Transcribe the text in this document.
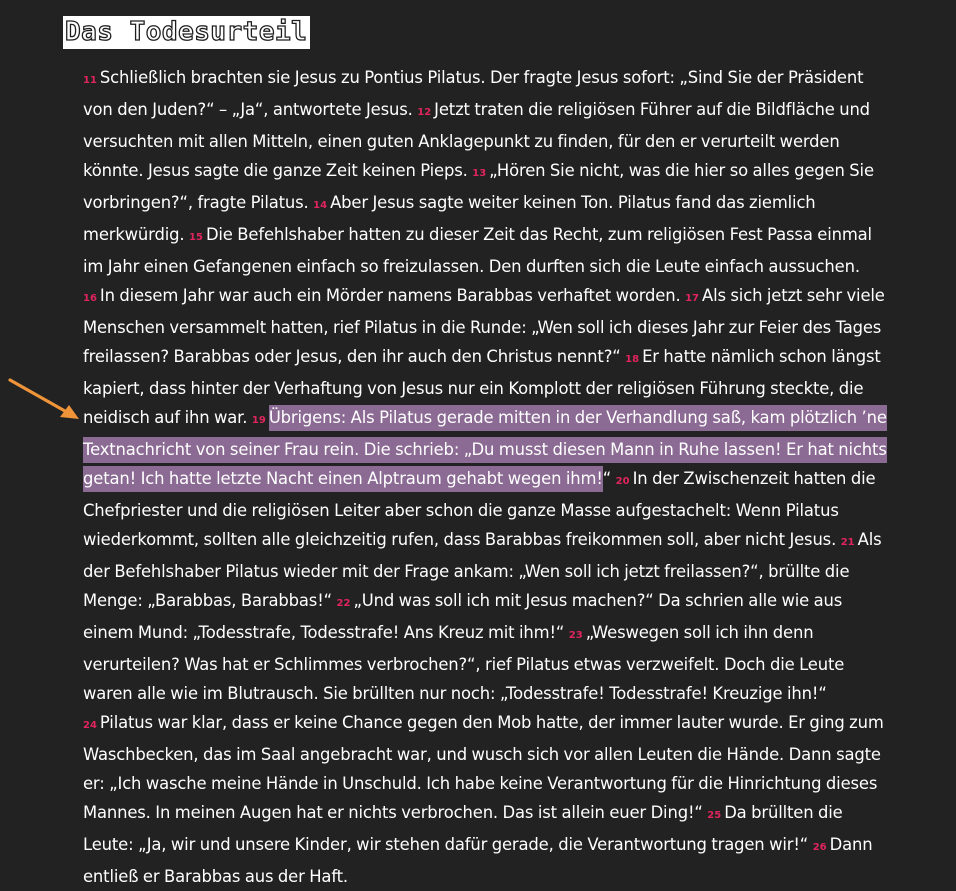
Das Todesurteil

11 Schließlich brachten sie Jesus zu Pontius Pilatus. Der fragte Jesus sofort: „Sind Sie der Präsident von den Juden?“ – „Ja“, antwortete Jesus. 12 Jetzt traten die religiösen Führer auf die Bildfläche und versuchten mit allen Mitteln, einen guten Anklagepunkt zu finden, für den er verurteilt werden könnte. Jesus sagte die ganze Zeit keinen Pieps. 13 „Hören Sie nicht, was die hier so alles gegen Sie vorbringen?“, fragte Pilatus. 14 Aber Jesus sagte weiter keinen Ton. Pilatus fand das ziemlich merkwürdig. 15 Die Befehlshaber hatten zu dieser Zeit das Recht, zum religiösen Fest Passa einmal im Jahr einen Gefangenen einfach so freizulassen. Den durften sich die Leute einfach aussuchen. 16 In diesem Jahr war auch ein Mörder namens Barabbas verhaftet worden. 17 Als sich jetzt sehr viele Menschen versammelt hatten, rief Pilatus in die Runde: „Wen soll ich dieses Jahr zur Feier des Tages freilassen? Barabbas oder Jesus, den ihr auch den Christus nennt?“ 18 Er hatte nämlich schon längst kapiert, dass hinter der Verhaftung von Jesus nur ein Komplott der religiösen Führung steckte, die neidisch auf ihn war. 19 Übrigens: Als Pilatus gerade mitten in der Verhandlung saß, kam plötzlich ’ne Textnachricht von seiner Frau rein. Die schrieb: „Du musst diesen Mann in Ruhe lassen! Er hat nichts getan! Ich hatte letzte Nacht einen Alptraum gehabt wegen ihm!“ 20 In der Zwischenzeit hatten die Chefpriester und die religiösen Leiter aber schon die ganze Masse aufgestachelt: Wenn Pilatus wiederkommt, sollten alle gleichzeitig rufen, dass Barabbas freikommen soll, aber nicht Jesus. 21 Als der Befehlshaber Pilatus wieder mit der Frage ankam: „Wen soll ich jetzt freilassen?“, brüllte die Menge: „Barabbas, Barabbas!“ 22 „Und was soll ich mit Jesus machen?“ Da schrien alle wie aus einem Mund: „Todesstrafe, Todesstrafe! Ans Kreuz mit ihm!“ 23 „Weswegen soll ich ihn denn verurteilen? Was hat er Schlimmes verbrochen?“, rief Pilatus etwas verzweifelt. Doch die Leute waren alle wie im Blutrausch. Sie brüllten nur noch: „Todesstrafe! Todesstrafe! Kreuzige ihn!“ 24 Pilatus war klar, dass er keine Chance gegen den Mob hatte, der immer lauter wurde. Er ging zum Waschbecken, das im Saal angebracht war, und wusch sich vor allen Leuten die Hände. Dann sagte er: „Ich wasche meine Hände in Unschuld. Ich habe keine Verantwortung für die Hinrichtung dieses Mannes. In meinen Augen hat er nichts verbrochen. Das ist allein euer Ding!“ 25 Da brüllten die Leute: „Ja, wir und unsere Kinder, wir stehen dafür gerade, die Verantwortung tragen wir!“ 26 Dann entließ er Barabbas aus der Haft.
